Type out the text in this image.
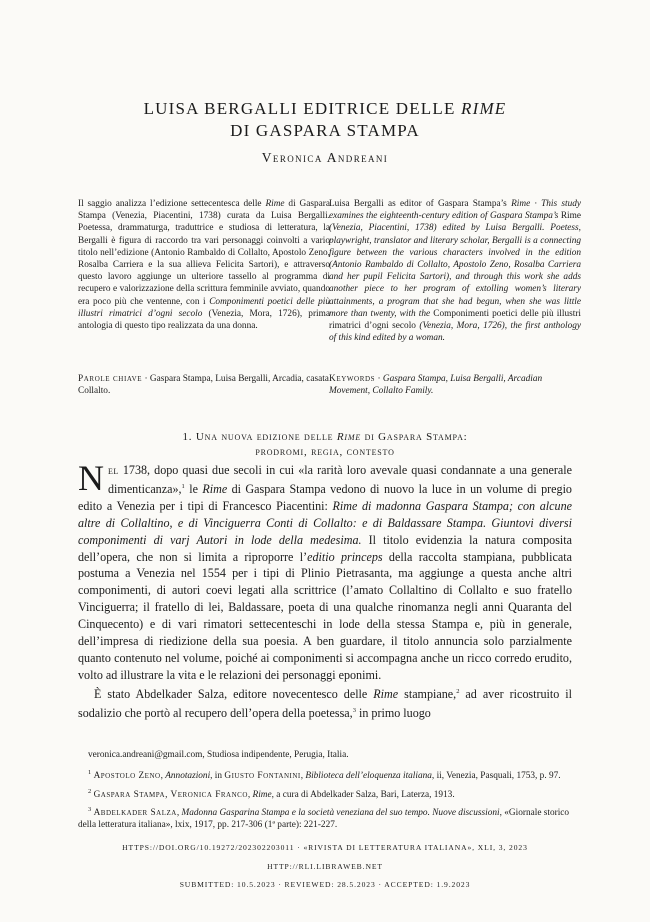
LUISA BERGALLI EDITRICE DELLE RIME
DI GASPARA STAMPA
Veronica Andreani
Il saggio analizza l’edizione settecentesca delle Rime di Gaspara Stampa (Venezia, Piacentini, 1738) curata da Luisa Bergalli. Poetessa, drammaturga, traduttrice e studiosa di letteratura, la Bergalli è figura di raccordo tra vari personaggi coinvolti a vario titolo nell’edizione (Antonio Rambaldo di Collalto, Apostolo Zeno, Rosalba Carriera e la sua allieva Felicita Sartori), e attraverso questo lavoro aggiunge un ulteriore tassello al programma di recupero e valorizzazione della scrittura femminile avviato, quando era poco più che ventenne, con i Componimenti poetici delle più illustri rimatrici d’ogni secolo (Venezia, Mora, 1726), prima antologia di questo tipo realizzata da una donna.
Luisa Bergalli as editor of Gaspara Stampa’s Rime · This study examines the eighteenth-century edition of Gaspara Stampa’s Rime (Venezia, Piacentini, 1738) edited by Luisa Bergalli. Poetess, playwright, translator and literary scholar, Bergalli is a connecting figure between the various characters involved in the edition (Antonio Rambaldo di Collalto, Apostolo Zeno, Rosalba Carriera and her pupil Felicita Sartori), and through this work she adds another piece to her program of extolling women’s literary attainments, a program that she had begun, when she was little more than twenty, with the Componimenti poetici delle più illustri rimatrici d’ogni secolo (Venezia, Mora, 1726), the first anthology of this kind edited by a woman.
Parole chiave · Gaspara Stampa, Luisa Bergalli, Arcadia, casata Collalto.
Keywords · Gaspara Stampa, Luisa Bergalli, Arcadian Movement, Collalto Family.
1. Una nuova edizione delle Rime di Gaspara Stampa:
prodromi, regia, contesto

Nel 1738, dopo quasi due secoli in cui «la rarità loro avevale quasi condannate a una generale dimenticanza»,$^1$ le Rime di Gaspara Stampa vedono di nuovo la luce in un volume di pregio edito a Venezia per i tipi di Francesco Piacentini: Rime di madonna Gaspara Stampa; con alcune altre di Collaltino, e di Vinciguerra Conti di Collalto: e di Baldassare Stampa. Giuntovi diversi componimenti di varj Autori in lode della medesima. Il titolo evidenzia la natura composita dell’opera, che non si limita a riproporre l’editio princeps della raccolta stampiana, pubblicata postuma a Venezia nel 1554 per i tipi di Plinio Pietrasanta, ma aggiunge a questa anche altri componimenti, di autori coevi legati alla scrittrice (l’amato Collaltino di Collalto e suo fratello Vinciguerra; il fratello di lei, Baldassare, poeta di una qualche rinomanza negli anni Quaranta del Cinquecento) e di vari rimatori settecenteschi in lode della stessa Stampa e, più in generale, dell’impresa di riedizione della sua poesia. A ben guardare, il titolo annuncia solo parzialmente quanto contenuto nel volume, poiché ai componimenti si accompagna anche un ricco corredo erudito, volto ad illustrare la vita e le relazioni dei personaggi eponimi.

È stato Abdelkader Salza, editore novecentesco delle Rime stampiane,$^2$ ad aver ricostruito il sodalizio che portò al recupero dell’opera della poetessa,$^3$ in primo luogo

veronica.andreani@gmail.com, Studiosa indipendente, Perugia, Italia.

$^1$ Apostolo Zeno, Annotazioni, in Giusto Fontanini, Biblioteca dell’eloquenza italiana, ii, Venezia, Pasquali, 1753, p. 97.

$^2$ Gaspara Stampa, Veronica Franco, Rime, a cura di Abdelkader Salza, Bari, Laterza, 1913.

$^3$ Abdelkader Salza, Madonna Gasparina Stampa e la società veneziana del suo tempo. Nuove discussioni, «Giornale storico della letteratura italiana», lxix, 1917, pp. 217-306 (1ª parte): 221-227.

HTTPS://DOI.ORG/10.19272/202302203011 · «RIVISTA DI LETTERATURA ITALIANA», XLI, 3, 2023
HTTP://RLI.LIBRAWEB.NET
SUBMITTED: 10.5.2023 · REVIEWED: 28.5.2023 · ACCEPTED: 1.9.2023
